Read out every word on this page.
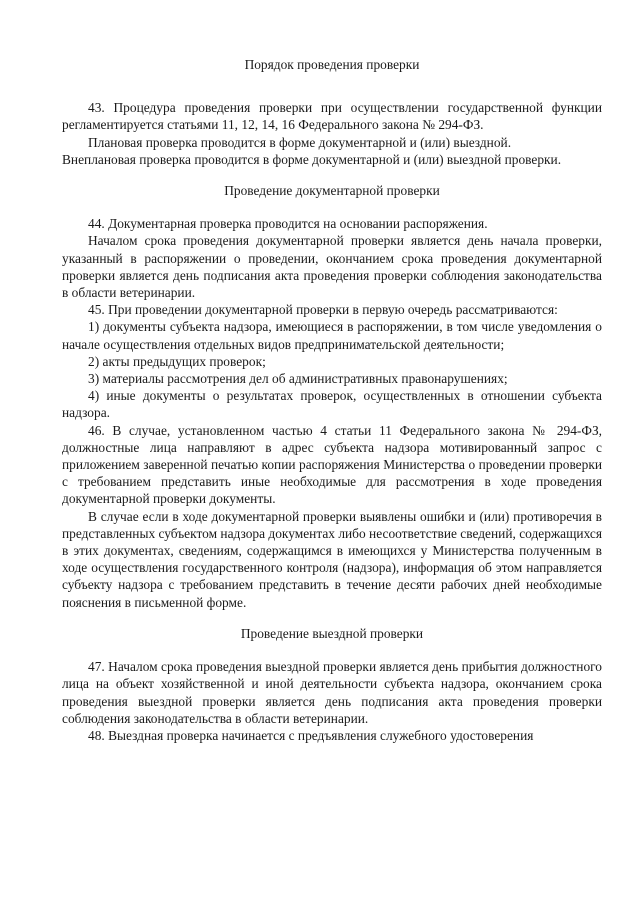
Порядок проведения проверки

43. Процедура проведения проверки при осуществлении государственной функции регламентируется статьями 11, 12, 14, 16 Федерального закона № 294-ФЗ.

Плановая проверка проводится в форме документарной и (или) выездной.

Внеплановая проверка проводится в форме документарной и (или) выездной проверки.

Проведение документарной проверки

44. Документарная проверка проводится на основании распоряжения.

Началом срока проведения документарной проверки является день начала проверки, указанный в распоряжении о проведении, окончанием срока проведения документарной проверки является день подписания акта проведения проверки соблюдения законодательства в области ветеринарии.

45. При проведении документарной проверки в первую очередь рассматриваются:

1) документы субъекта надзора, имеющиеся в распоряжении, в том числе уведомления о начале осуществления отдельных видов предпринимательской деятельности;

2) акты предыдущих проверок;

3) материалы рассмотрения дел об административных правонарушениях;

4) иные документы о результатах проверок, осуществленных в отношении субъекта надзора.

46. В случае, установленном частью 4 статьи 11 Федерального закона № 294-ФЗ, должностные лица направляют в адрес субъекта надзора мотивированный запрос с приложением заверенной печатью копии распоряжения Министерства о проведении проверки с требованием представить иные необходимые для рассмотрения в ходе проведения документарной проверки документы.

В случае если в ходе документарной проверки выявлены ошибки и (или) противоречия в представленных субъектом надзора документах либо несоответствие сведений, содержащихся в этих документах, сведениям, содержащимся в имеющихся у Министерства полученным в ходе осуществления государственного контроля (надзора), информация об этом направляется субъекту надзора с требованием представить в течение десяти рабочих дней необходимые пояснения в письменной форме.

Проведение выездной проверки

47. Началом срока проведения выездной проверки является день прибытия должностного лица на объект хозяйственной и иной деятельности субъекта надзора, окончанием срока проведения выездной проверки является день подписания акта проведения проверки соблюдения законодательства в области ветеринарии.

48. Выездная проверка начинается с предъявления служебного удостоверения
